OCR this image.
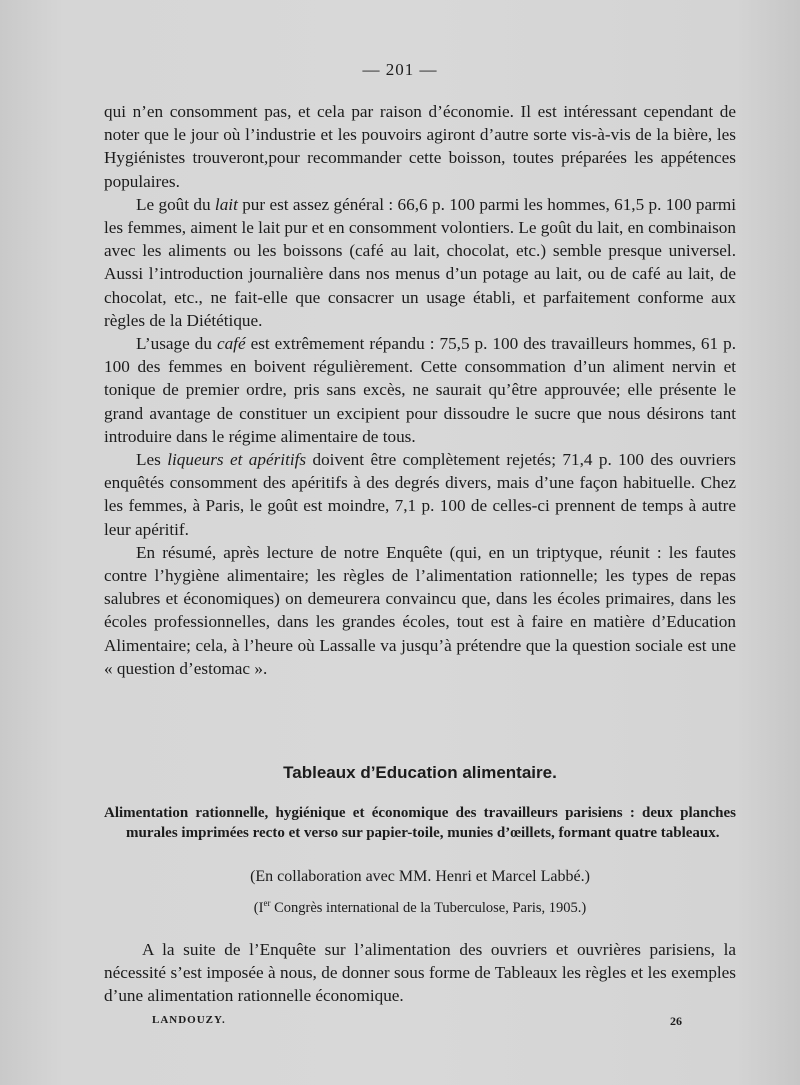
— 201 —

qui n’en consomment pas, et cela par raison d’économie. Il est intéressant cependant de noter que le jour où l’industrie et les pouvoirs agiront d’autre sorte vis-à-vis de la bière, les Hygiénistes trouveront,pour recommander cette boisson, toutes préparées les appétences populaires.

Le goût du lait pur est assez général : 66,6 p. 100 parmi les hommes, 61,5 p. 100 parmi les femmes, aiment le lait pur et en consomment volontiers. Le goût du lait, en combinaison avec les aliments ou les boissons (café au lait, chocolat, etc.) semble presque universel. Aussi l’introduction journalière dans nos menus d’un potage au lait, ou de café au lait, de chocolat, etc., ne fait-elle que consacrer un usage établi, et parfaitement conforme aux règles de la Diététique.

L’usage du café est extrêmement répandu : 75,5 p. 100 des travailleurs hommes, 61 p. 100 des femmes en boivent régulièrement. Cette consommation d’un aliment nervin et tonique de premier ordre, pris sans excès, ne saurait qu’être approuvée; elle présente le grand avantage de constituer un excipient pour dissoudre le sucre que nous désirons tant introduire dans le régime alimentaire de tous.

Les liqueurs et apéritifs doivent être complètement rejetés; 71,4 p. 100 des ouvriers enquêtés consomment des apéritifs à des degrés divers, mais d’une façon habituelle. Chez les femmes, à Paris, le goût est moindre, 7,1 p. 100 de celles-ci prennent de temps à autre leur apéritif.

En résumé, après lecture de notre Enquête (qui, en un triptyque, réunit : les fautes contre l’hygiène alimentaire; les règles de l’alimentation rationnelle; les types de repas salubres et économiques) on demeurera convaincu que, dans les écoles primaires, dans les écoles professionnelles, dans les grandes écoles, tout est à faire en matière d’Education Alimentaire; cela, à l’heure où Lassalle va jusqu’à prétendre que la question sociale est une « question d’estomac ».

Tableaux d’Education alimentaire.
Alimentation rationnelle, hygiénique et économique des travailleurs parisiens : deux planches murales imprimées recto et verso sur papier-toile, munies d’œillets, formant quatre tableaux.
(En collaboration avec MM. Henri et Marcel Labbé.)
(Ier Congrès international de la Tuberculose, Paris, 1905.)

A la suite de l’Enquête sur l’alimentation des ouvriers et ouvrières parisiens, la nécessité s’est imposée à nous, de donner sous forme de Tableaux les règles et les exemples d’une alimentation rationnelle économique.

LANDOUZY.	26
